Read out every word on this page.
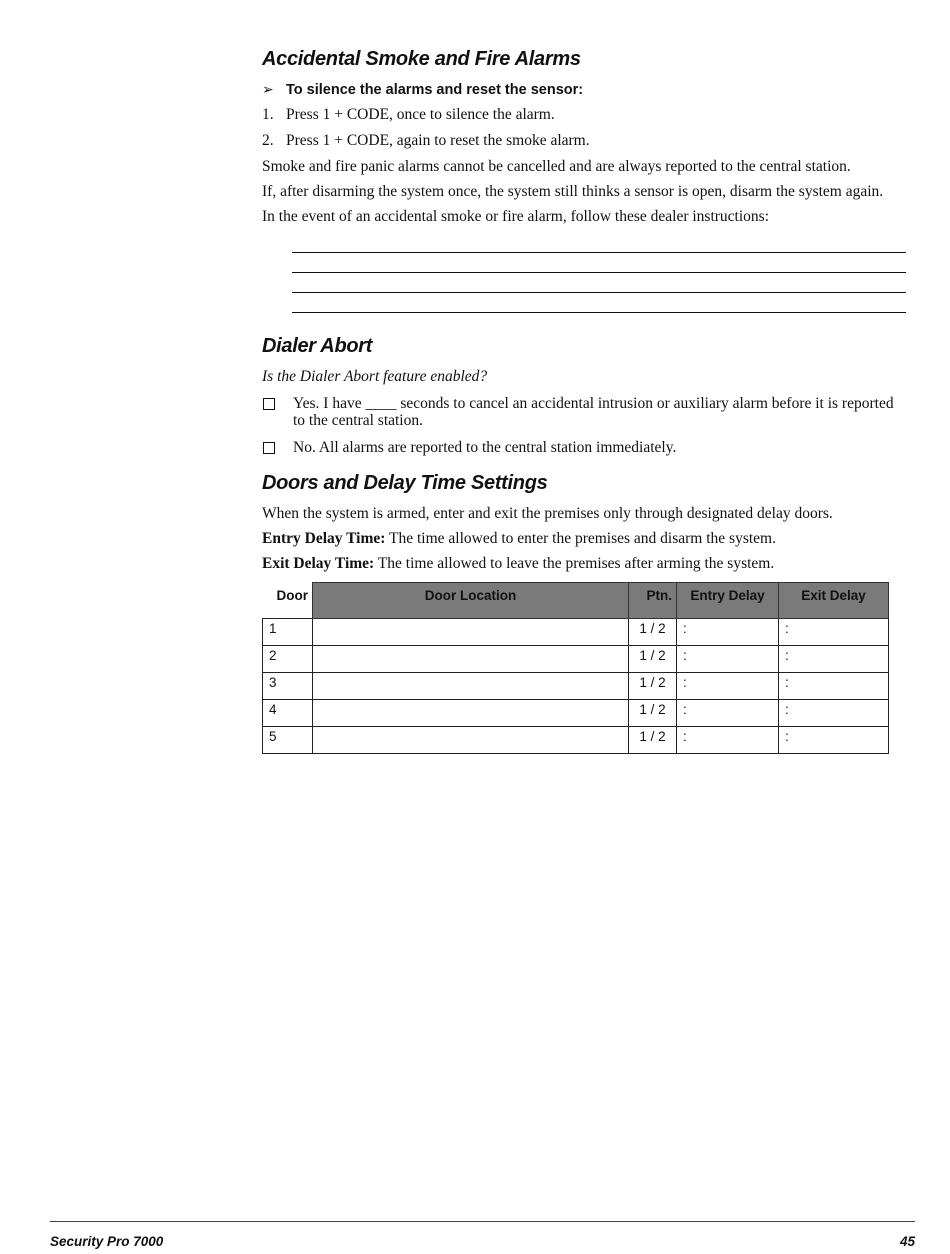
Accidental Smoke and Fire Alarms
➢ To silence the alarms and reset the sensor:
1. Press 1 + CODE, once to silence the alarm.
2. Press 1 + CODE, again to reset the smoke alarm.

Smoke and fire panic alarms cannot be cancelled and are always reported to the central station.

If, after disarming the system once, the system still thinks a sensor is open, disarm the system again.

In the event of an accidental smoke or fire alarm, follow these dealer instructions:

Dialer Abort
Is the Dialer Abort feature enabled?
Yes. I have ____ seconds to cancel an accidental intrusion or auxiliary alarm before it is reported to the central station.
No. All alarms are reported to the central station immediately.
Doors and Delay Time Settings

When the system is armed, enter and exit the premises only through designated delay doors.

Entry Delay Time: The time allowed to enter the premises and disarm the system.

Exit Delay Time: The time allowed to leave the premises after arming the system.

Door	Door Location	Ptn.	Entry Delay	Exit Delay
1		1 / 2	:	:
2		1 / 2	:	:
3		1 / 2	:	:
4		1 / 2	:	:
5		1 / 2	:	:
Security Pro 7000	45
